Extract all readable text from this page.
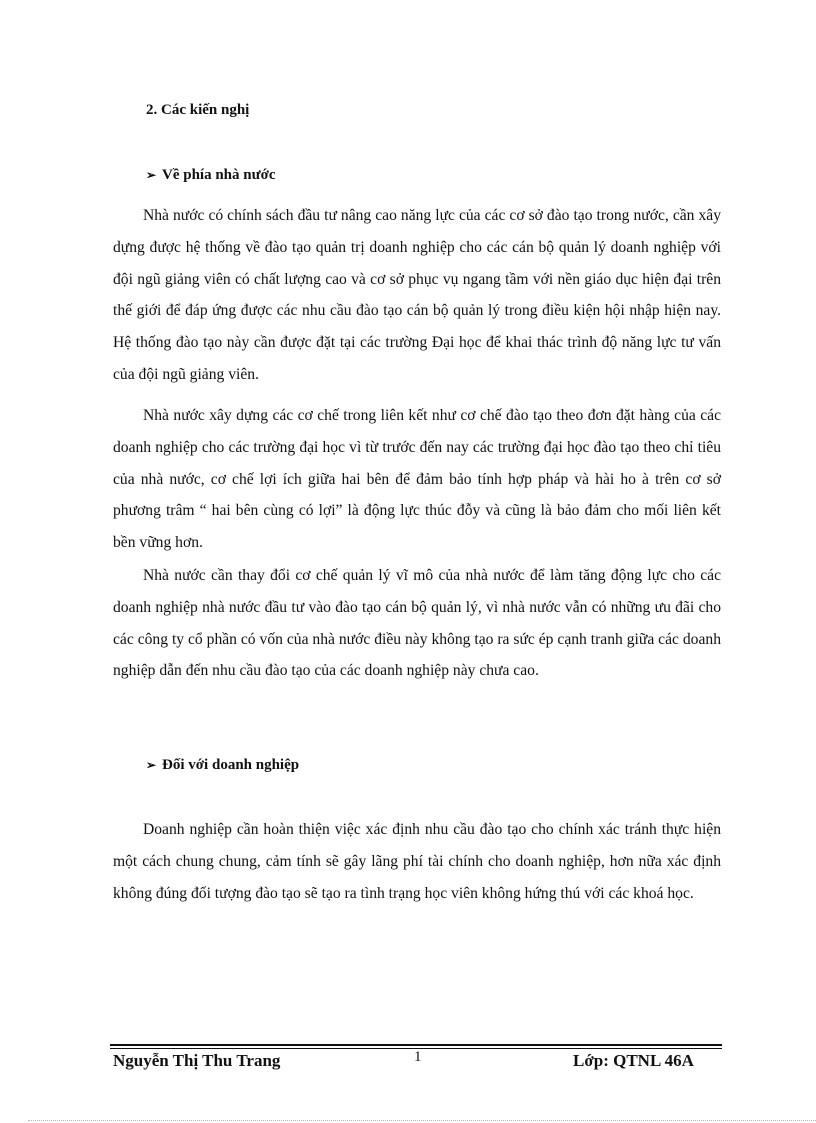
2. Các kiến nghị
➢ Về phía nhà nước

Nhà nước có chính sách đầu tư nâng cao năng lực của các cơ sở đào tạo trong nước, cần xây dựng được hệ thống về đào tạo quản trị doanh nghiệp cho các cán bộ quản lý doanh nghiệp với đội ngũ giảng viên có chất lượng cao và cơ sở phục vụ ngang tầm với nền giáo dục hiện đại trên thế giới để đáp ứng được các nhu cầu đào tạo cán bộ quản lý trong điều kiện hội nhập hiện nay. Hệ thống đào tạo này cần được đặt tại các trường Đại học để khai thác trình độ năng lực tư vấn của đội ngũ giảng viên.

Nhà nước xây dựng các cơ chế trong liên kết như cơ chế đào tạo theo đơn đặt hàng của các doanh nghiệp cho các trường đại học vì từ trước đến nay các trường đại học đào tạo theo chỉ tiêu của nhà nước, cơ chế lợi ích giữa hai bên để đảm bảo tính hợp pháp và hài ho à trên cơ sở phương trâm “ hai bên cùng có lợi” là động lực thúc đỗy và cũng là bảo đảm cho mối liên kết bền vững hơn.

Nhà nước cần thay đổi cơ chế quản lý vĩ mô của nhà nước để làm tăng động lực cho các doanh nghiệp nhà nước đầu tư vào đào tạo cán bộ quản lý, vì nhà nước vẫn có những ưu đãi cho các công ty cổ phần có vốn của nhà nước điều này không tạo ra sức ép cạnh tranh giữa các doanh nghiệp dẫn đến nhu cầu đào tạo của các doanh nghiệp này chưa cao.

➢ Đối với doanh nghiệp

Doanh nghiệp cần hoàn thiện việc xác định nhu cầu đào tạo cho chính xác tránh thực hiện một cách chung chung, cảm tính sẽ gây lãng phí tài chính cho doanh nghiệp, hơn nữa xác định không đúng đối tượng đào tạo sẽ tạo ra tình trạng học viên không hứng thú với các khoá học.

Nguyễn Thị Thu Trang	1	Lớp: QTNL 46A
